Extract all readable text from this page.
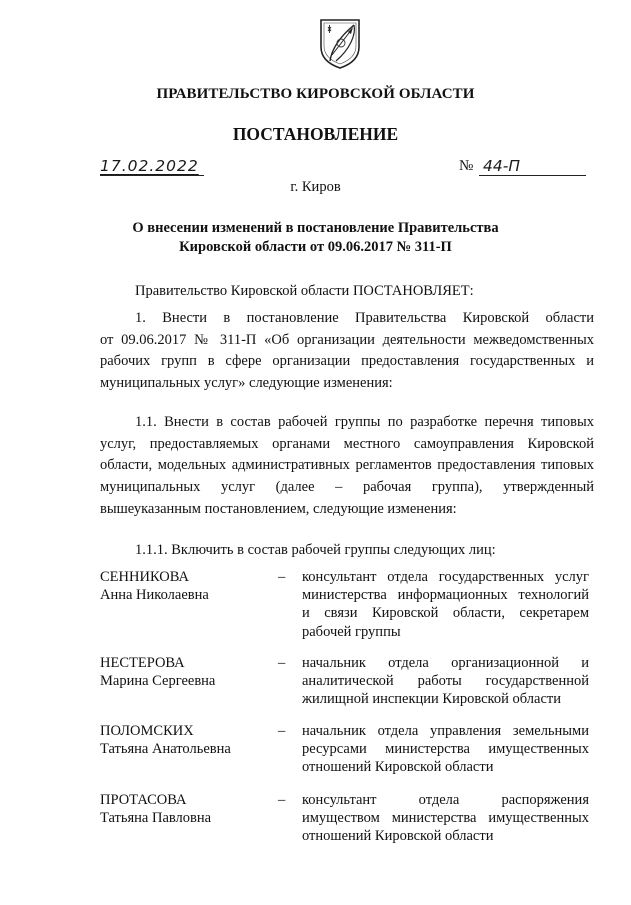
ПРАВИТЕЛЬСТВО КИРОВСКОЙ ОБЛАСТИ
ПОСТАНОВЛЕНИЕ
17.02.2022	№ 44-П
г. Киров
О внесении изменений в постановление Правительства
Кировской области от 09.06.2017 № 311-П
Правительство Кировской области ПОСТАНОВЛЯЕТ:
1. Внести в постановление Правительства Кировской области
от 09.06.2017 № 311-П «Об организации деятельности межведомственных
рабочих групп в сфере организации предоставления государственных и
муниципальных услуг» следующие изменения:
1.1. Внести в состав рабочей группы по разработке перечня типовых
услуг, предоставляемых органами местного самоуправления Кировской
области, модельных административных регламентов предоставления типовых
муниципальных услуг (далее – рабочая группа), утвержденный
вышеуказанным постановлением, следующие изменения:
1.1.1. Включить в состав рабочей группы следующих лиц:
СЕННИКОВА
Анна Николаевна
– консультант отдела государственных услуг
министерства информационных технологий
и связи Кировской области, секретарем
рабочей группы
НЕСТЕРОВА
Марина Сергеевна
– начальник отдела организационной и
аналитической работы государственной
жилищной инспекции Кировской области
ПОЛОМСКИХ
Татьяна Анатольевна
– начальник отдела управления земельными
ресурсами министерства имущественных
отношений Кировской области
ПРОТАСОВА
Татьяна Павловна
– консультант отдела распоряжения
имуществом министерства имущественных
отношений Кировской области
